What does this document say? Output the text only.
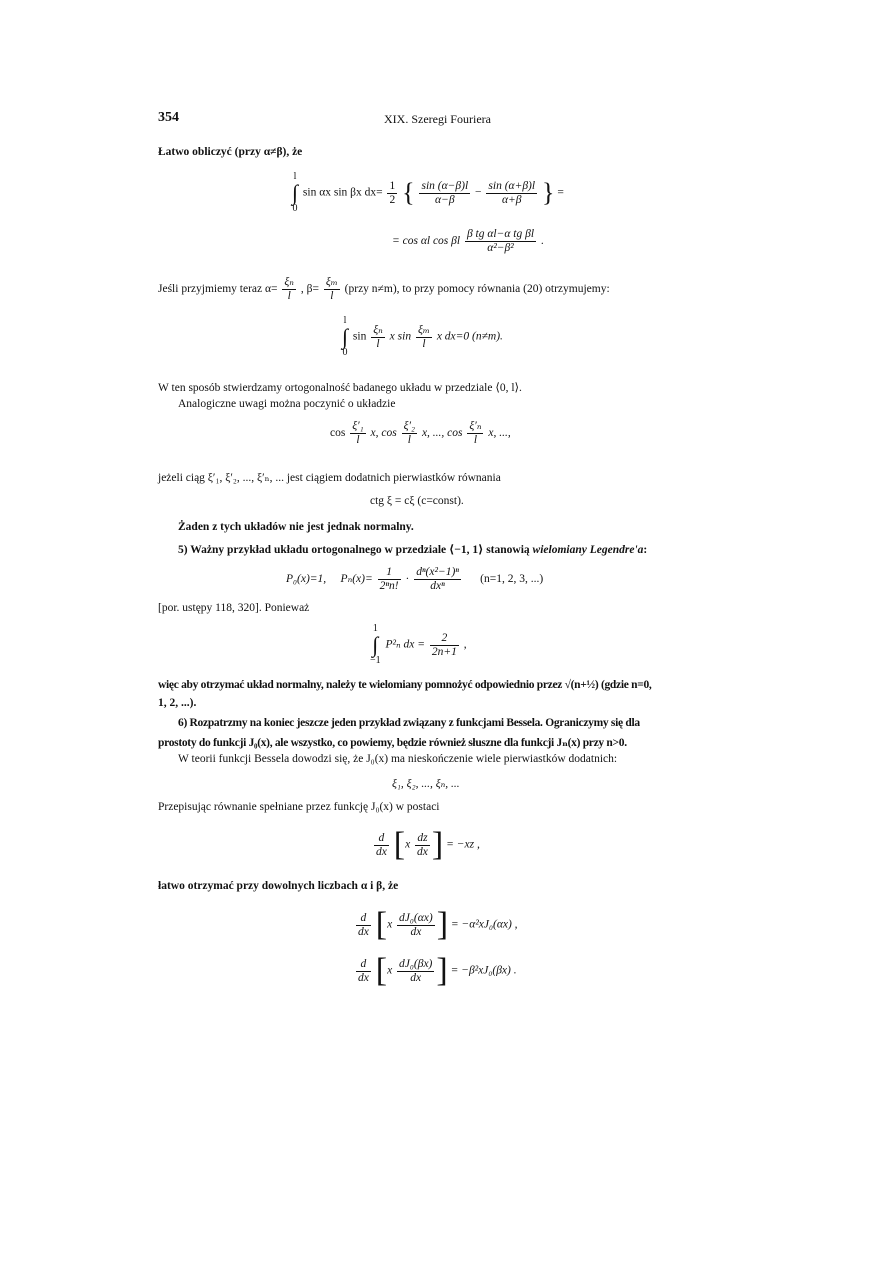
354	XIX. Szeregi Fouriera
Łatwo obliczyć (przy α≠β), że
l
∫
0 sin αx sin βx $dx= \frac{1}{2}$ { $\frac{\sin (\alpha-\beta)l}{\alpha-\beta} - \frac{\sin (\alpha+\beta)l}{\alpha+\beta}$ } =
= cos αl cos βl $\frac{\text{β tg αl−α tg βl}}{\text{α²−β²}}$ .
Jeśli przyjmiemy teraz $\alpha= \frac{\text{ξₙ}}{l}$ , $\beta= \frac{\text{ξₘ}}{l}$ (przy n≠m), to przy pomocy równania (20) otrzymujemy:
l
∫
0 $\sin \frac{\text{ξₙ}}{l}$ x $\sin \frac{\text{ξₘ}}{l}$ x dx=0 (n≠m).
W ten sposób stwierdzamy ortogonalność badanego układu w przedziale ⟨0, l⟩.
Analogiczne uwagi można poczynić o układzie
$\cos \frac{\text{ξ′₁}}{l} x$, $\cos \frac{\text{ξ′₂}}{l} x$, ..., $\cos \frac{\text{ξ′ₙ}}{l} x$, ...,
jeżeli ciąg ξ′₁, ξ′₂, ..., ξ′ₙ, ... jest ciągiem dodatnich pierwiastków równania
ctg ξ = cξ (c=const).
Żaden z tych układów nie jest jednak normalny.
5) Ważny przykład układu ortogonalnego w przedziale ⟨−1, 1⟩ stanowią wielomiany Legendre'a:
P₀(x)=1, $P_n(x)= \frac{1}{\text{2ⁿn!}} \cdot \frac{\text{dⁿ(x²−1)ⁿ}}{\text{dxⁿ}} (n=1$, 2, 3, ...)
[por. ustępy 118, 320]. Ponieważ
1
∫
−1 P²ₙ dx = $\frac{2}{2n+1}$ ,
więc aby otrzymać układ normalny, należy te wielomiany pomnożyć odpowiednio przez √(n+½) (gdzie n=0,
1, 2, ...).
6) Rozpatrzmy na koniec jeszcze jeden przykład związany z funkcjami Bessela. Ograniczymy się dla
prostoty do funkcji J₀(x), ale wszystko, co powiemy, będzie również słuszne dla funkcji Jₙ(x) przy n>0.
W teorii funkcji Bessela dowodzi się, że J₀(x) ma nieskończenie wiele pierwiastków dodatnich:
ξ₁, ξ₂, ..., ξₙ, ...
Przepisując równanie spełniane przez funkcję J₀(x) w postaci
$\frac{d}{dx} [x \frac{dz}{dx}$ ] = −xz ,
łatwo otrzymać przy dowolnych liczbach α i β, że
$\frac{d}{dx} [x \frac{\text{dJ₀(αx)}}{dx}$ ] = −α²xJ₀(αx) ,
$\frac{d}{dx} [x \frac{\text{dJ₀(βx)}}{dx}$ ] = −β²xJ₀(βx) .
